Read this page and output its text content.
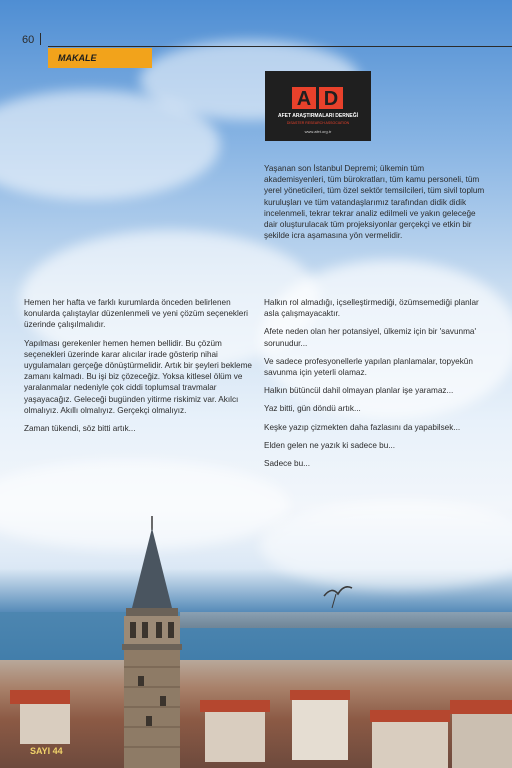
60
MAKALE
A D
AFET ARAŞTIRMALARI DERNEĞİ
DISASTER RESEARCH ASSOCIATION
www.afet.org.tr

Yaşanan son İstanbul Depremi; ülkemin tüm akademisyenleri, tüm bürokratları, tüm kamu personeli, tüm yerel yöneticileri, tüm özel sektör temsilcileri, tüm sivil toplum kuruluşları ve tüm vatandaşlarımız tarafından didik didik incelenmeli, tekrar tekrar analiz edilmeli ve yakın geleceğe dair oluşturulacak tüm projeksiyonlar gerçekçi ve etkin bir şekilde icra aşamasına yön vermelidir.

Hemen her hafta ve farklı kurumlarda önceden belirlenen konularda çalıştaylar düzenlenmeli ve yeni çözüm seçenekleri üzerinde çalışılmalıdır.

Yapılması gerekenler hemen hemen bellidir. Bu çözüm seçenekleri üzerinde karar alıcılar irade gösterip nihai uygulamaları gerçeğe dönüştürmelidir. Artık bir şeyleri bekleme zamanı kalmadı. Bu işi biz çözeceğiz. Yoksa kitlesel ölüm ve yaralanmalar nedeniyle çok ciddi toplumsal travmalar yaşayacağız. Geleceği bugünden yitirme riskimiz var. Akılcı olmalıyız. Akıllı olmalıyız. Gerçekçi olmalıyız.

Zaman tükendi, söz bitti artık...

Halkın rol almadığı, içselleştirmediği, özümsemediği planlar asla çalışmayacaktır.

Afete neden olan her potansiyel, ülkemiz için bir 'savunma' sorunudur...

Ve sadece profesyonellerle yapılan planlamalar, topyekûn savunma için yeterli olamaz.

Halkın bütüncül dahil olmayan planlar işe yaramaz...

Yaz bitti, gün döndü artık...

Keşke yazıp çizmekten daha fazlasını da yapabilsek...

Elden gelen ne yazık ki sadece bu...

Sadece bu...

SAYI 44
